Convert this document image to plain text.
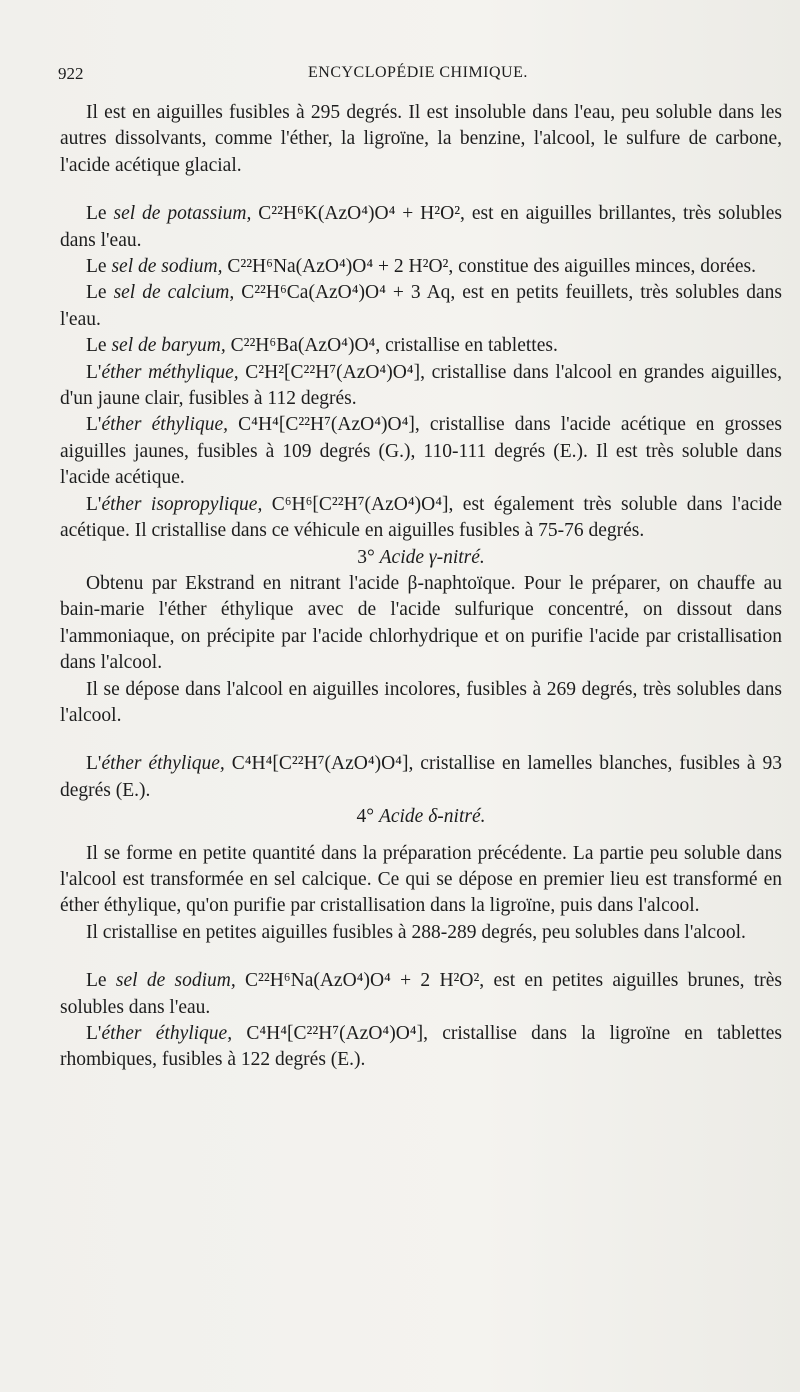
922	ENCYCLOPÉDIE CHIMIQUE.

Il est en aiguilles fusibles à 295 degrés. Il est insoluble dans l'eau, peu soluble dans les autres dissolvants, comme l'éther, la ligroïne, la benzine, l'alcool, le sulfure de carbone, l'acide acétique glacial.

Le sel de potassium, C²²H⁶K(AzO⁴)O⁴ + H²O², est en aiguilles brillantes, très solubles dans l'eau.

Le sel de sodium, C²²H⁶Na(AzO⁴)O⁴ + 2 H²O², constitue des aiguilles minces, dorées.

Le sel de calcium, C²²H⁶Ca(AzO⁴)O⁴ + 3 Aq, est en petits feuillets, très solubles dans l'eau.

Le sel de baryum, C²²H⁶Ba(AzO⁴)O⁴, cristallise en tablettes.

L'éther méthylique, C²H²[C²²H⁷(AzO⁴)O⁴], cristallise dans l'alcool en grandes aiguilles, d'un jaune clair, fusibles à 112 degrés.

L'éther éthylique, C⁴H⁴[C²²H⁷(AzO⁴)O⁴], cristallise dans l'acide acétique en grosses aiguilles jaunes, fusibles à 109 degrés (G.), 110-111 degrés (E.). Il est très soluble dans l'acide acétique.

L'éther isopropylique, C⁶H⁶[C²²H⁷(AzO⁴)O⁴], est également très soluble dans l'acide acétique. Il cristallise dans ce véhicule en aiguilles fusibles à 75-76 degrés.

3° Acide γ-nitré.

Obtenu par Ekstrand en nitrant l'acide β-naphtoïque. Pour le préparer, on chauffe au bain-marie l'éther éthylique avec de l'acide sulfurique concentré, on dissout dans l'ammoniaque, on précipite par l'acide chlorhydrique et on purifie l'acide par cristallisation dans l'alcool.

Il se dépose dans l'alcool en aiguilles incolores, fusibles à 269 degrés, très solubles dans l'alcool.

L'éther éthylique, C⁴H⁴[C²²H⁷(AzO⁴)O⁴], cristallise en lamelles blanches, fusibles à 93 degrés (E.).

4° Acide δ-nitré.

Il se forme en petite quantité dans la préparation précédente. La partie peu soluble dans l'alcool est transformée en sel calcique. Ce qui se dépose en premier lieu est transformé en éther éthylique, qu'on purifie par cristallisation dans la ligroïne, puis dans l'alcool.

Il cristallise en petites aiguilles fusibles à 288-289 degrés, peu solubles dans l'alcool.

Le sel de sodium, C²²H⁶Na(AzO⁴)O⁴ + 2 H²O², est en petites aiguilles brunes, très solubles dans l'eau.

L'éther éthylique, C⁴H⁴[C²²H⁷(AzO⁴)O⁴], cristallise dans la ligroïne en tablettes rhombiques, fusibles à 122 degrés (E.).
